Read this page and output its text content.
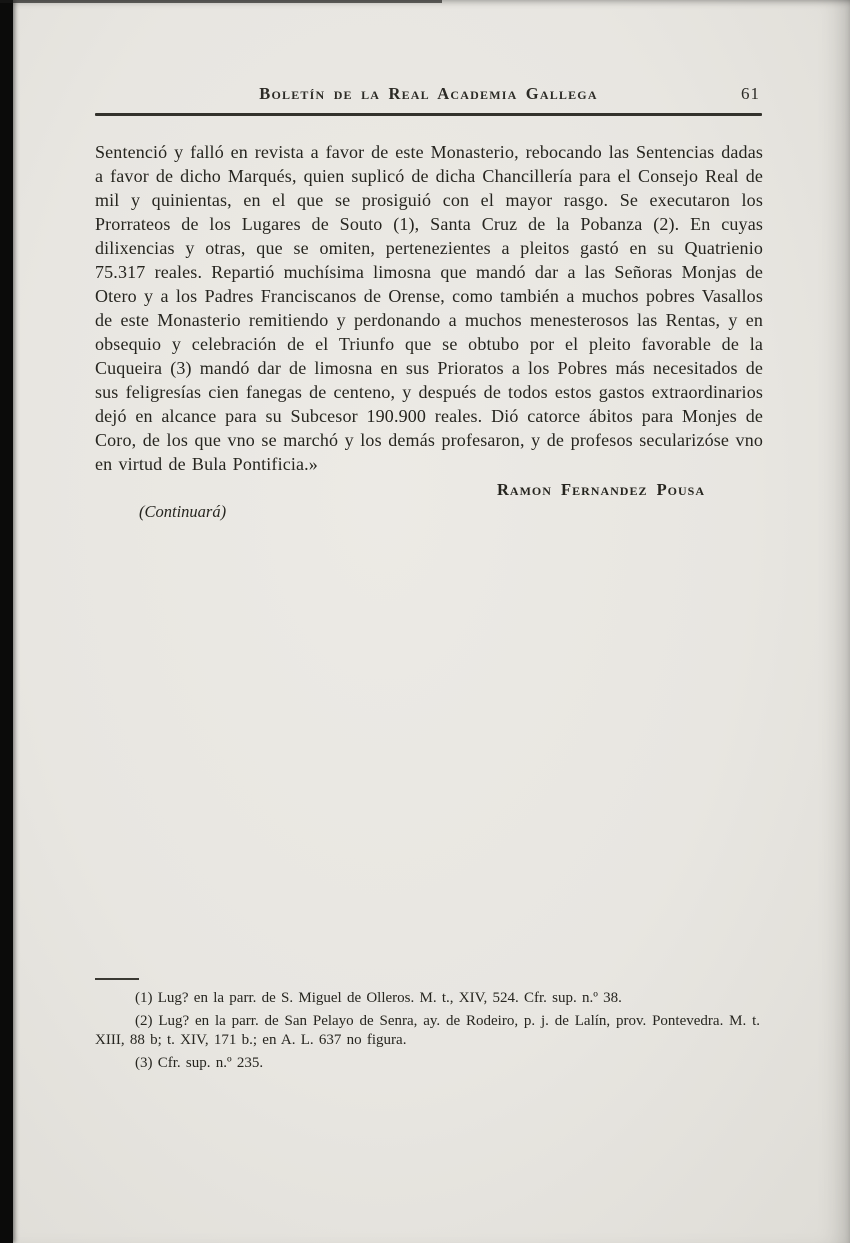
Boletín de la Real Academia Gallega	61

Sentenció y falló en revista a favor de este Monasterio, rebocando las Sentencias dadas a favor de dicho Marqués, quien suplicó de dicha Chancillería para el Consejo Real de mil y quinientas, en el que se prosiguió con el mayor rasgo. Se executaron los Prorrateos de los Lugares de Souto (1), Santa Cruz de la Pobanza (2). En cuyas dilixencias y otras, que se omiten, pertenezientes a pleitos gastó en su Quatrienio 75.317 reales. Repartió muchísima limosna que mandó dar a las Señoras Monjas de Otero y a los Padres Franciscanos de Orense, como también a muchos pobres Vasallos de este Monasterio remitiendo y perdonando a muchos menesterosos las Rentas, y en obsequio y celebración de el Triunfo que se obtubo por el pleito favorable de la Cuqueira (3) mandó dar de limosna en sus Prioratos a los Pobres más necesitados de sus feligresías cien fanegas de centeno, y después de todos estos gastos extraordinarios dejó en alcance para su Subcesor 190.900 reales. Dió catorce ábitos para Monjes de Coro, de los que vno se marchó y los demás profesaron, y de profesos secularizóse vno en virtud de Bula Pontificia.»

Ramon Fernandez Pousa

(Continuará)

(1) Lug? en la parr. de S. Miguel de Olleros. M. t., XIV, 524. Cfr. sup. n.º 38.

(2) Lug? en la parr. de San Pelayo de Senra, ay. de Rodeiro, p. j. de Lalín, prov. Pontevedra. M. t. XIII, 88 b; t. XIV, 171 b.; en A. L. 637 no figura.

(3) Cfr. sup. n.º 235.
